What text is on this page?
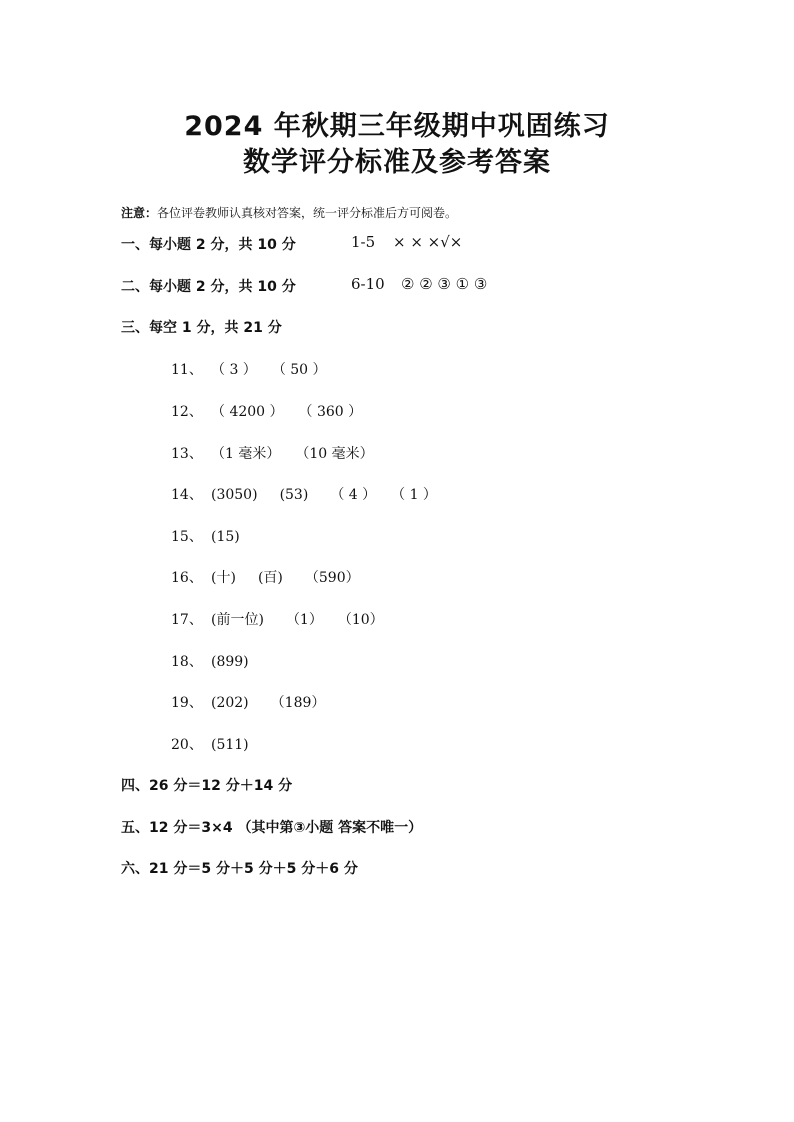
2024 年秋期三年级期中巩固练习
数学评分标准及参考答案
注意：各位评卷教师认真核对答案，统一评分标准后方可阅卷。
一、每小题 2 分，共 10 分	1-5 × × ×√×
二、每小题 2 分，共 10 分	6-10 ② ② ③ ① ③
三、每空 1 分，共 21 分
11、 （ 3 ） （ 50 ）
12、 （ 4200 ） （ 360 ）
13、 （1 毫米） （10 毫米）
14、 (3050) (53) （ 4 ） （ 1 ）
15、 (15)
16、 (十) (百) （590）
17、 (前一位) （1） （10）
18、 (899)
19、 (202) （189）
20、 (511)
四、26 分＝12 分＋14 分
五、12 分＝3×4 （其中第③小题 答案不唯一）
六、21 分＝5 分＋5 分＋5 分＋6 分
